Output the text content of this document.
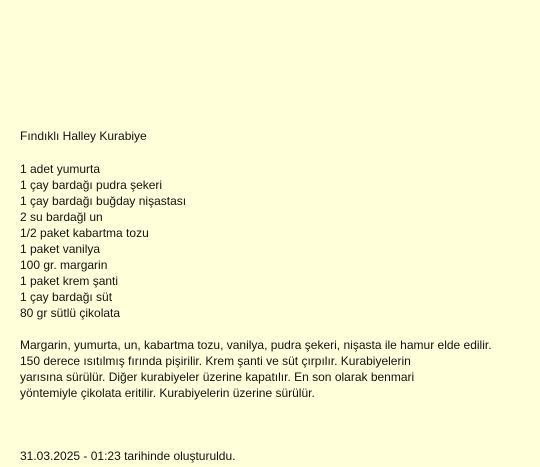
Fındıklı Halley Kurabiye
1 adet yumurta
1 çay bardağı pudra şekeri
1 çay bardağı buğday nişastası
2 su bardağl un
1/2 paket kabartma tozu
1 paket vanilya
100 gr. margarin
1 paket krem şanti
1 çay bardağı süt
80 gr sütlü çikolata
Margarin, yumurta, un, kabartma tozu, vanilya, pudra şekeri, nişasta ile hamur elde edilir.
150 derece ısıtılmış fırında pişirilir. Krem şanti ve süt çırpılır. Kurabiyelerin
yarısına sürülür. Diğer kurabiyeler üzerine kapatılır. En son olarak benmari
yöntemiyle çikolata eritilir. Kurabiyelerin üzerine sürülür.
31.03.2025 - 01:23 tarihinde oluşturuldu.
